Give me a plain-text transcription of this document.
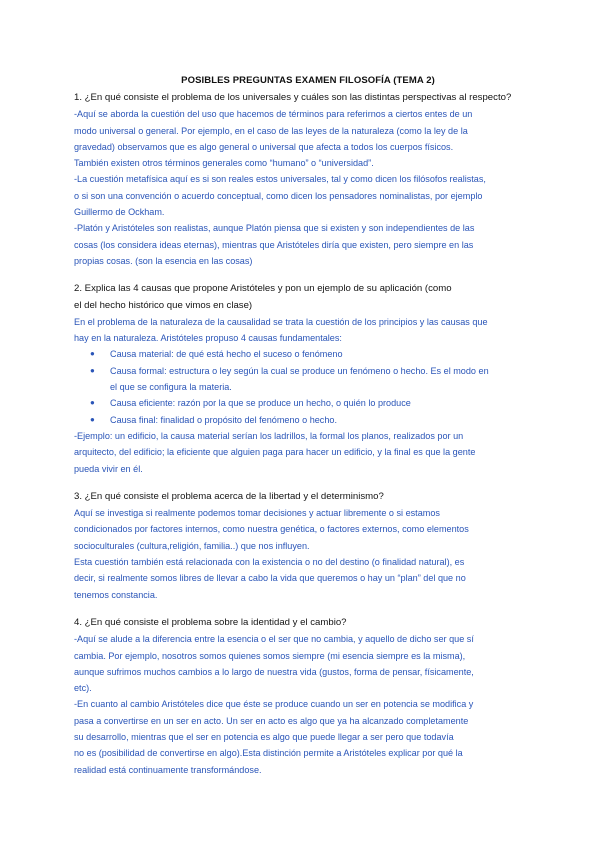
POSIBLES PREGUNTAS EXAMEN FILOSOFÍA (TEMA 2)

1. ¿En qué consiste el problema de los universales y cuáles son las distintas perspectivas al respecto?

-Aquí se aborda la cuestión del uso que hacemos de términos para referirnos a ciertos entes de un

modo universal o general. Por ejemplo, en el caso de las leyes de la naturaleza (como la ley de la

gravedad) observamos que es algo general o universal que afecta a todos los cuerpos físicos.

También existen otros términos generales como “humano” o “universidad”.

-La cuestión metafísica aquí es si son reales estos universales, tal y como dicen los filósofos realistas,

o si son una convención o acuerdo conceptual, como dicen los pensadores nominalistas, por ejemplo

Guillermo de Ockham.

-Platón y Aristóteles son realistas, aunque Platón piensa que si existen y son independientes de las

cosas (los considera ideas eternas), mientras que Aristóteles diría que existen, pero siempre en las

propias cosas. (son la esencia en las cosas)

2. Explica las 4 causas que propone Aristóteles y pon un ejemplo de su aplicación (como

el del hecho histórico que vimos en clase)

En el problema de la naturaleza de la causalidad se trata la cuestión de los principios y las causas que

hay en la naturaleza. Aristóteles propuso 4 causas fundamentales:

● Causa material: de qué está hecho el suceso o fenómeno
● Causa formal: estructura o ley según la cual se produce un fenómeno o hecho. Es el modo en
el que se configura la materia.
● Causa eficiente: razón por la que se produce un hecho, o quién lo produce
● Causa final: finalidad o propósito del fenómeno o hecho.

-Ejemplo: un edificio, la causa material serían los ladrillos, la formal los planos, realizados por un

arquitecto, del edificio; la eficiente que alguien paga para hacer un edificio, y la final es que la gente

pueda vivir en él.

3. ¿En qué consiste el problema acerca de la libertad y el determinismo?

Aquí se investiga si realmente podemos tomar decisiones y actuar libremente o si estamos

condicionados por factores internos, como nuestra genética, o factores externos, como elementos

socioculturales (cultura,religión, familia..) que nos influyen.

Esta cuestión también está relacionada con la existencia o no del destino (o finalidad natural), es

decir, si realmente somos libres de llevar a cabo la vida que queremos o hay un “plan” del que no

tenemos constancia.

4. ¿En qué consiste el problema sobre la identidad y el cambio?

-Aquí se alude a la diferencia entre la esencia o el ser que no cambia, y aquello de dicho ser que sí

cambia. Por ejemplo, nosotros somos quienes somos siempre (mi esencia siempre es la misma),

aunque sufrimos muchos cambios a lo largo de nuestra vida (gustos, forma de pensar, físicamente,

etc).

-En cuanto al cambio Aristóteles dice que éste se produce cuando un ser en potencia se modifica y

pasa a convertirse en un ser en acto. Un ser en acto es algo que ya ha alcanzado completamente

su desarrollo, mientras que el ser en potencia es algo que puede llegar a ser pero que todavía

no es (posibilidad de convertirse en algo).Esta distinción permite a Aristóteles explicar por qué la

realidad está continuamente transformándose.
